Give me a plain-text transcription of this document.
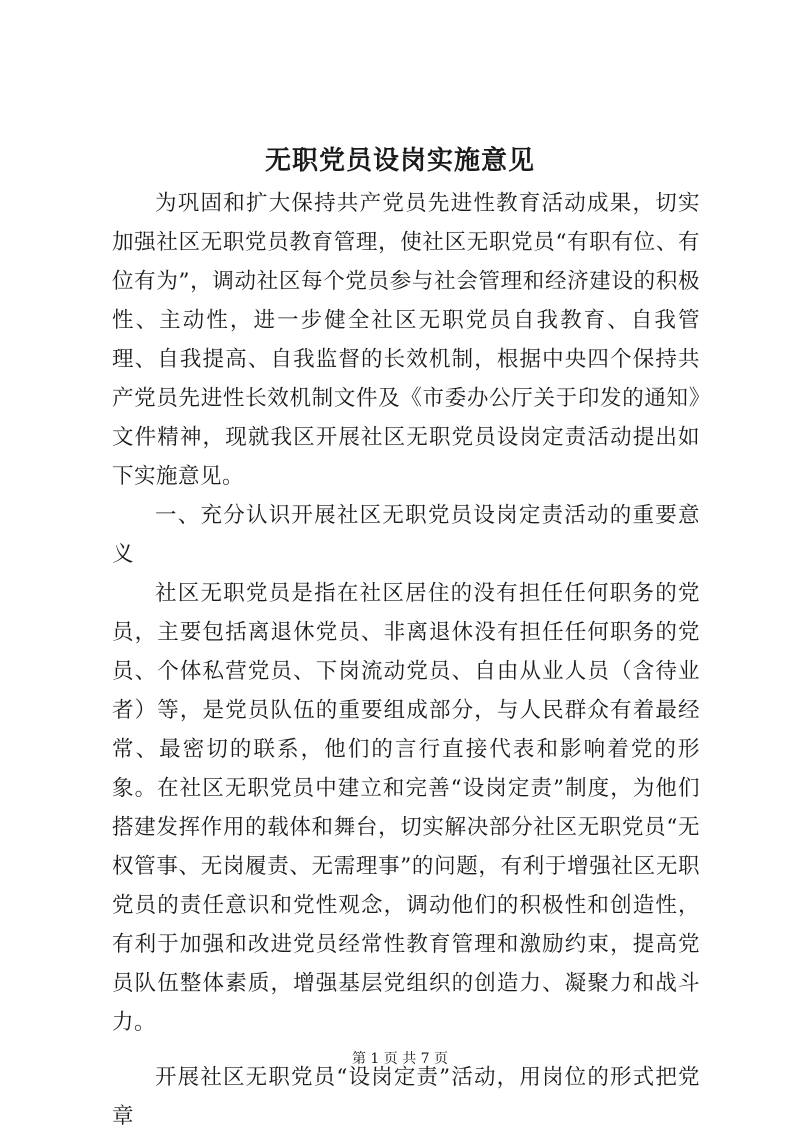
无职党员设岗实施意见

为巩固和扩大保持共产党员先进性教育活动成果，切实加强社区无职党员教育管理，使社区无职党员“有职有位、有位有为”，调动社区每个党员参与社会管理和经济建设的积极性、主动性，进一步健全社区无职党员自我教育、自我管理、自我提高、自我监督的长效机制，根据中央四个保持共产党员先进性长效机制文件及《市委办公厅关于印发的通知》文件精神，现就我区开展社区无职党员设岗定责活动提出如下实施意见。

一、充分认识开展社区无职党员设岗定责活动的重要意义

社区无职党员是指在社区居住的没有担任任何职务的党员，主要包括离退休党员、非离退休没有担任任何职务的党员、个体私营党员、下岗流动党员、自由从业人员（含待业者）等，是党员队伍的重要组成部分，与人民群众有着最经常、最密切的联系，他们的言行直接代表和影响着党的形象。在社区无职党员中建立和完善“设岗定责”制度，为他们搭建发挥作用的载体和舞台，切实解决部分社区无职党员“无权管事、无岗履责、无需理事”的问题，有利于增强社区无职党员的责任意识和党性观念，调动他们的积极性和创造性，有利于加强和改进党员经常性教育管理和激励约束，提高党员队伍整体素质，增强基层党组织的创造力、凝聚力和战斗力。

开展社区无职党员“设岗定责”活动，用岗位的形式把党章

第 1 页 共 7 页
